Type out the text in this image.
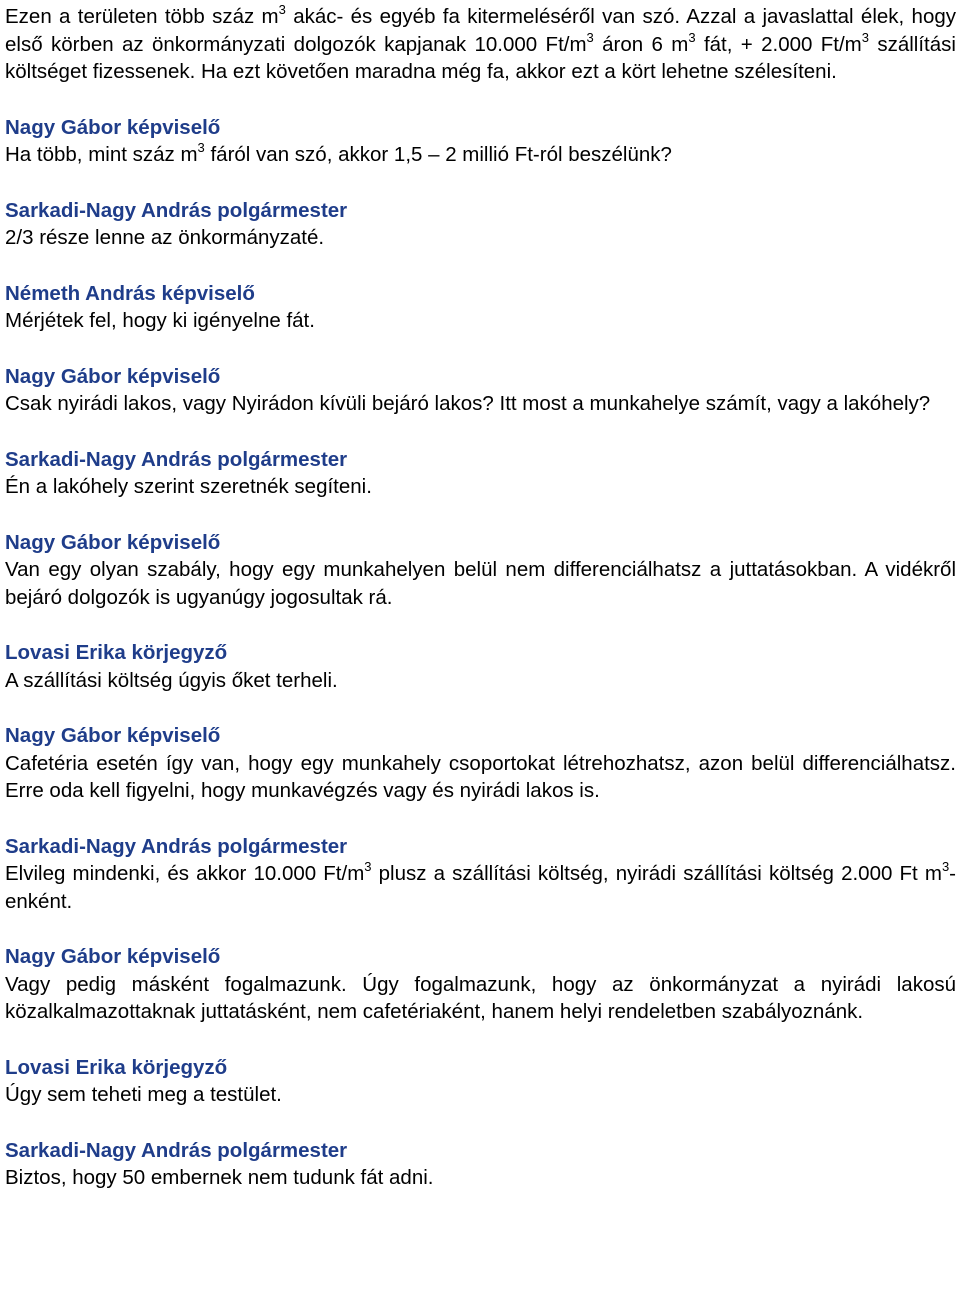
Ezen a területen több száz $m^3$ akác- és egyéb fa kitermeléséről van szó. Azzal a javaslattal élek, hogy első körben az önkormányzati dolgozók kapjanak 10.000 $Ft/m^3$ áron 6 $m^3$ fát, + 2.000 $Ft/m^3$ szállítási költséget fizessenek. Ha ezt követően maradna még fa, akkor ezt a kört lehetne szélesíteni.
Nagy Gábor képviselő
Ha több, mint száz $m^3$ fáról van szó, akkor 1,5 – 2 millió Ft-ról beszélünk?
Sarkadi-Nagy András polgármester
2/3 része lenne az önkormányzaté.
Németh András képviselő
Mérjétek fel, hogy ki igényelne fát.
Nagy Gábor képviselő
Csak nyirádi lakos, vagy Nyirádon kívüli bejáró lakos? Itt most a munkahelye számít, vagy a lakóhely?
Sarkadi-Nagy András polgármester
Én a lakóhely szerint szeretnék segíteni.
Nagy Gábor képviselő
Van egy olyan szabály, hogy egy munkahelyen belül nem differenciálhatsz a juttatásokban. A vidékről bejáró dolgozók is ugyanúgy jogosultak rá.
Lovasi Erika körjegyző
A szállítási költség úgyis őket terheli.
Nagy Gábor képviselő
Cafetéria esetén így van, hogy egy munkahely csoportokat létrehozhatsz, azon belül differenciálhatsz. Erre oda kell figyelni, hogy munkavégzés vagy és nyirádi lakos is.
Sarkadi-Nagy András polgármester
Elvileg mindenki, és akkor 10.000 $Ft/m^3$ plusz a szállítási költség, nyirádi szállítási költség 2.000 Ft $m^3$-enként.
Nagy Gábor képviselő
Vagy pedig másként fogalmazunk. Úgy fogalmazunk, hogy az önkormányzat a nyirádi lakosú közalkalmazottaknak juttatásként, nem cafetériaként, hanem helyi rendeletben szabályoznánk.
Lovasi Erika körjegyző
Úgy sem teheti meg a testület.
Sarkadi-Nagy András polgármester
Biztos, hogy 50 embernek nem tudunk fát adni.
